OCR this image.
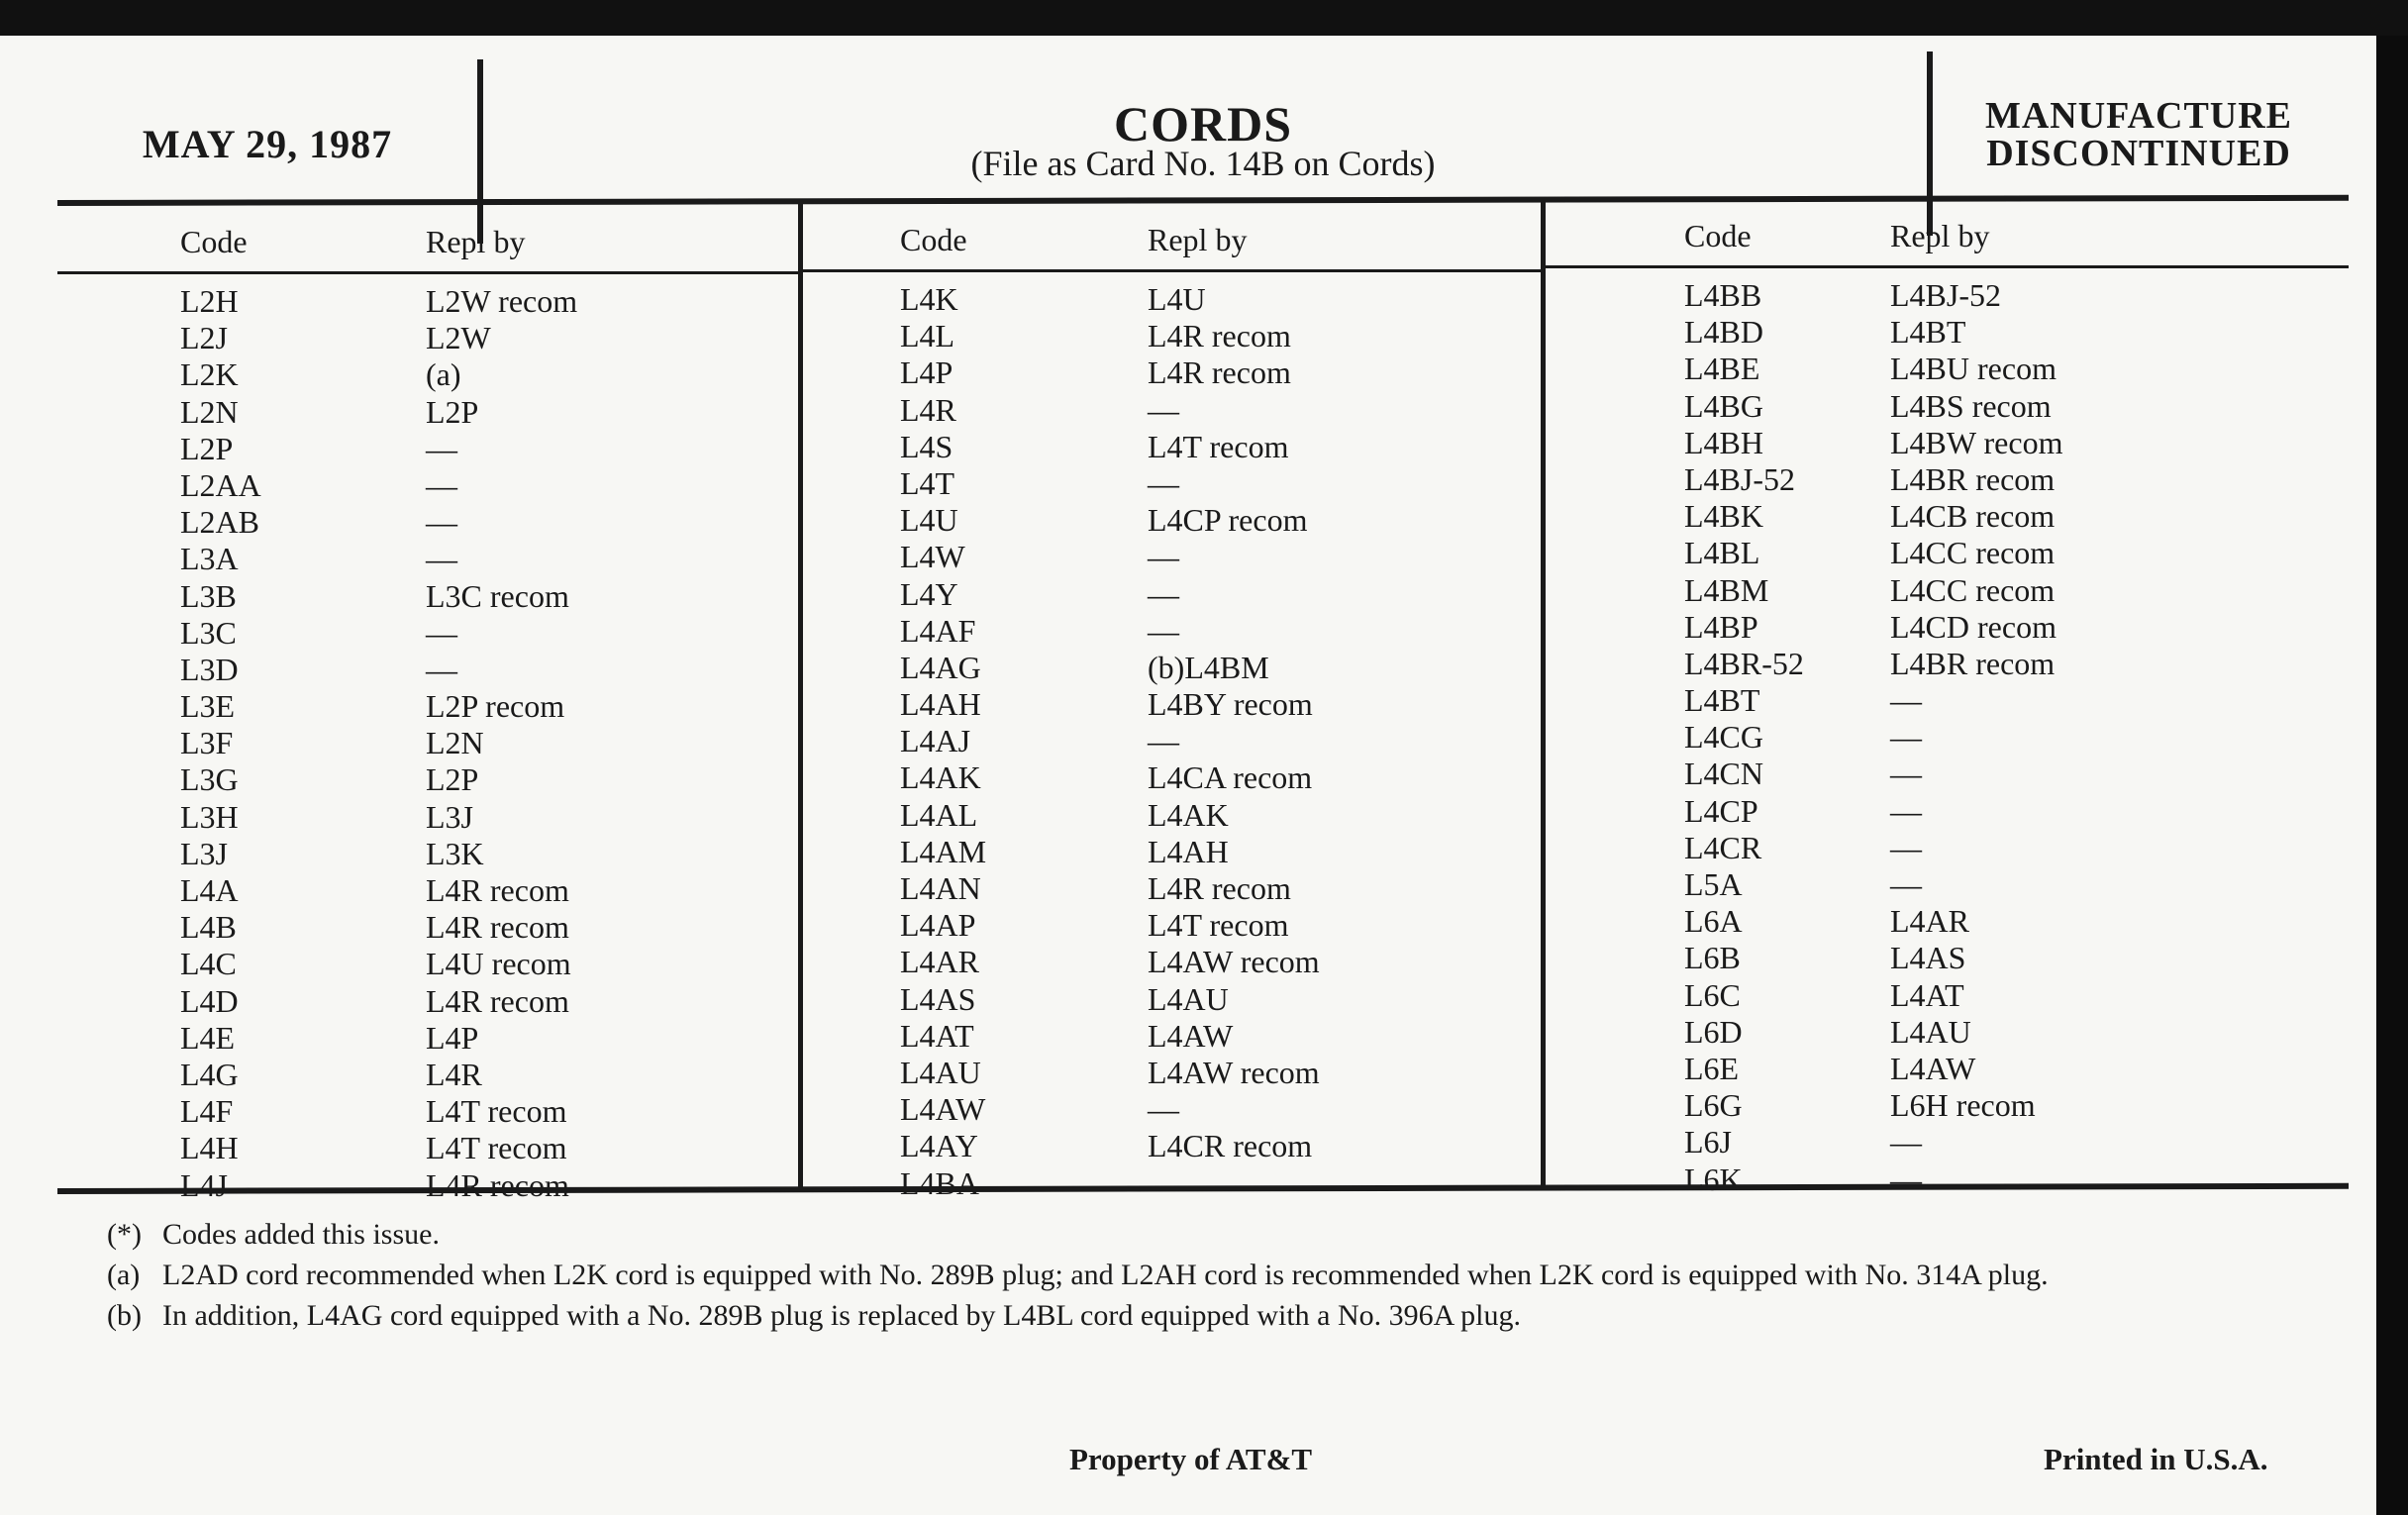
MAY 29, 1987	CORDS
(File as Card No. 14B on Cords)
MANUFACTURE
DISCONTINUED
Code	Repl by
L2H	L2W recom
L2J	L2W
L2K	(a)
L2N	L2P
L2P	—
L2AA	—
L2AB	—
L3A	—
L3B	L3C recom
L3C	—
L3D	—
L3E	L2P recom
L3F	L2N
L3G	L2P
L3H	L3J
L3J	L3K
L4A	L4R recom
L4B	L4R recom
L4C	L4U recom
L4D	L4R recom
L4E	L4P
L4G	L4R
L4F	L4T recom
L4H	L4T recom
L4J	L4R recom
Code	Repl by
L4K	L4U
L4L	L4R recom
L4P	L4R recom
L4R	—
L4S	L4T recom
L4T	—
L4U	L4CP recom
L4W	—
L4Y	—
L4AF	—
L4AG	(b)L4BM
L4AH	L4BY recom
L4AJ	—
L4AK	L4CA recom
L4AL	L4AK
L4AM	L4AH
L4AN	L4R recom
L4AP	L4T recom
L4AR	L4AW recom
L4AS	L4AU
L4AT	L4AW
L4AU	L4AW recom
L4AW	—
L4AY	L4CR recom
L4BA	—
Code	Repl by
L4BB	L4BJ-52
L4BD	L4BT
L4BE	L4BU recom
L4BG	L4BS recom
L4BH	L4BW recom
L4BJ-52	L4BR recom
L4BK	L4CB recom
L4BL	L4CC recom
L4BM	L4CC recom
L4BP	L4CD recom
L4BR-52	L4BR recom
L4BT	—
L4CG	—
L4CN	—
L4CP	—
L4CR	—
L5A	—
L6A	L4AR
L6B	L4AS
L6C	L4AT
L6D	L4AU
L6E	L4AW
L6G	L6H recom
L6J	—
L6K	—
(*) Codes added this issue.
(a) L2AD cord recommended when L2K cord is equipped with No. 289B plug; and L2AH cord is recommended when L2K cord is equipped with No. 314A plug.
(b) In addition, L4AG cord equipped with a No. 289B plug is replaced by L4BL cord equipped with a No. 396A plug.
Property of AT&T	Printed in U.S.A.
